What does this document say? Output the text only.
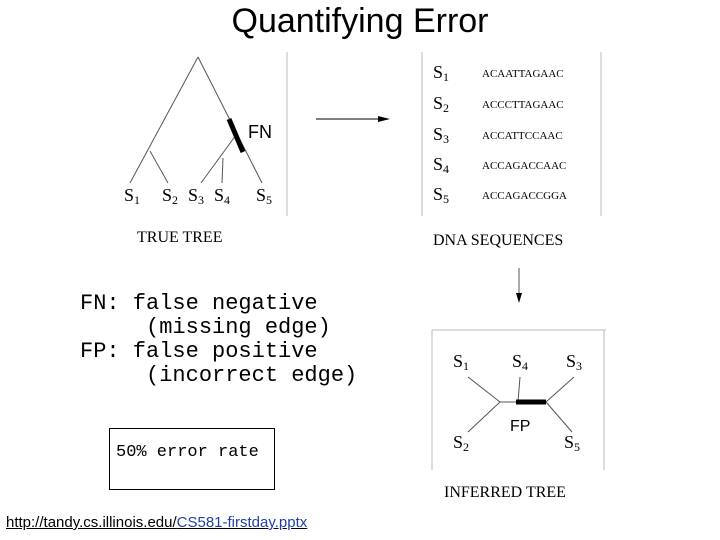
Quantifying Error
FN
S1 S2 S3 S4 S5
TRUE TREE
S1	ACAATTAGAAC
S2	ACCCTTAGAAC
S3	ACCATTCCAAC
S4	ACCAGACCAAC
S5	ACCAGACCGGA
DNA SEQUENCES
FP
S1 S4 S3
S2	S5
INFERRED TREE
FN: false negative
(missing edge)
FP: false positive
(incorrect edge)
50% error rate
http://tandy.cs.illinois.edu/CS581-firstday.pptx
